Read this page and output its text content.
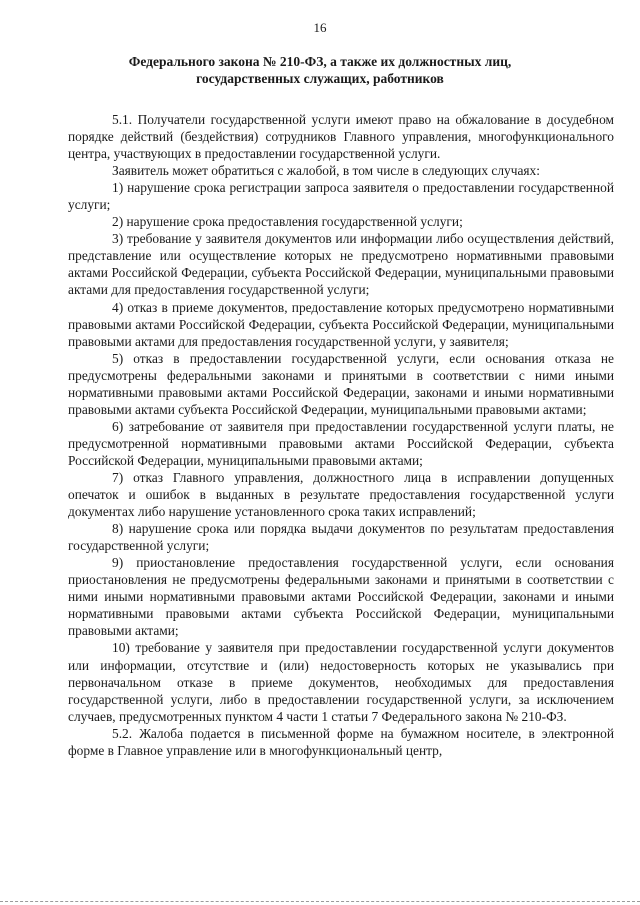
16
Федерального закона № 210-ФЗ, а также их должностных лиц,
государственных служащих, работников

5.1. Получатели государственной услуги имеют право на обжалование в досудебном порядке действий (бездействия) сотрудников Главного управления, многофункционального центра, участвующих в предоставлении государственной услуги.

Заявитель может обратиться с жалобой, в том числе в следующих случаях:

1) нарушение срока регистрации запроса заявителя о предоставлении государственной услуги;

2) нарушение срока предоставления государственной услуги;

3) требование у заявителя документов или информации либо осуществления действий, представление или осуществление которых не предусмотрено нормативными правовыми актами Российской Федерации, субъекта Российской Федерации, муниципальными правовыми актами для предоставления государственной услуги;

4) отказ в приеме документов, предоставление которых предусмотрено нормативными правовыми актами Российской Федерации, субъекта Российской Федерации, муниципальными правовыми актами для предоставления государственной услуги, у заявителя;

5) отказ в предоставлении государственной услуги, если основания отказа не предусмотрены федеральными законами и принятыми в соответствии с ними иными нормативными правовыми актами Российской Федерации, законами и иными нормативными правовыми актами субъекта Российской Федерации, муниципальными правовыми актами;

6) затребование от заявителя при предоставлении государственной услуги платы, не предусмотренной нормативными правовыми актами Российской Федерации, субъекта Российской Федерации, муниципальными правовыми актами;

7) отказ Главного управления, должностного лица в исправлении допущенных опечаток и ошибок в выданных в результате предоставления государственной услуги документах либо нарушение установленного срока таких исправлений;

8) нарушение срока или порядка выдачи документов по результатам предоставления государственной услуги;

9) приостановление предоставления государственной услуги, если основания приостановления не предусмотрены федеральными законами и принятыми в соответствии с ними иными нормативными правовыми актами Российской Федерации, законами и иными нормативными правовыми актами субъекта Российской Федерации, муниципальными правовыми актами;

10) требование у заявителя при предоставлении государственной услуги документов или информации, отсутствие и (или) недостоверность которых не указывались при первоначальном отказе в приеме документов, необходимых для предоставления государственной услуги, либо в предоставлении государственной услуги, за исключением случаев, предусмотренных пунктом 4 части 1 статьи 7 Федерального закона № 210-ФЗ.

5.2. Жалоба подается в письменной форме на бумажном носителе, в электронной форме в Главное управление или в многофункциональный центр,
